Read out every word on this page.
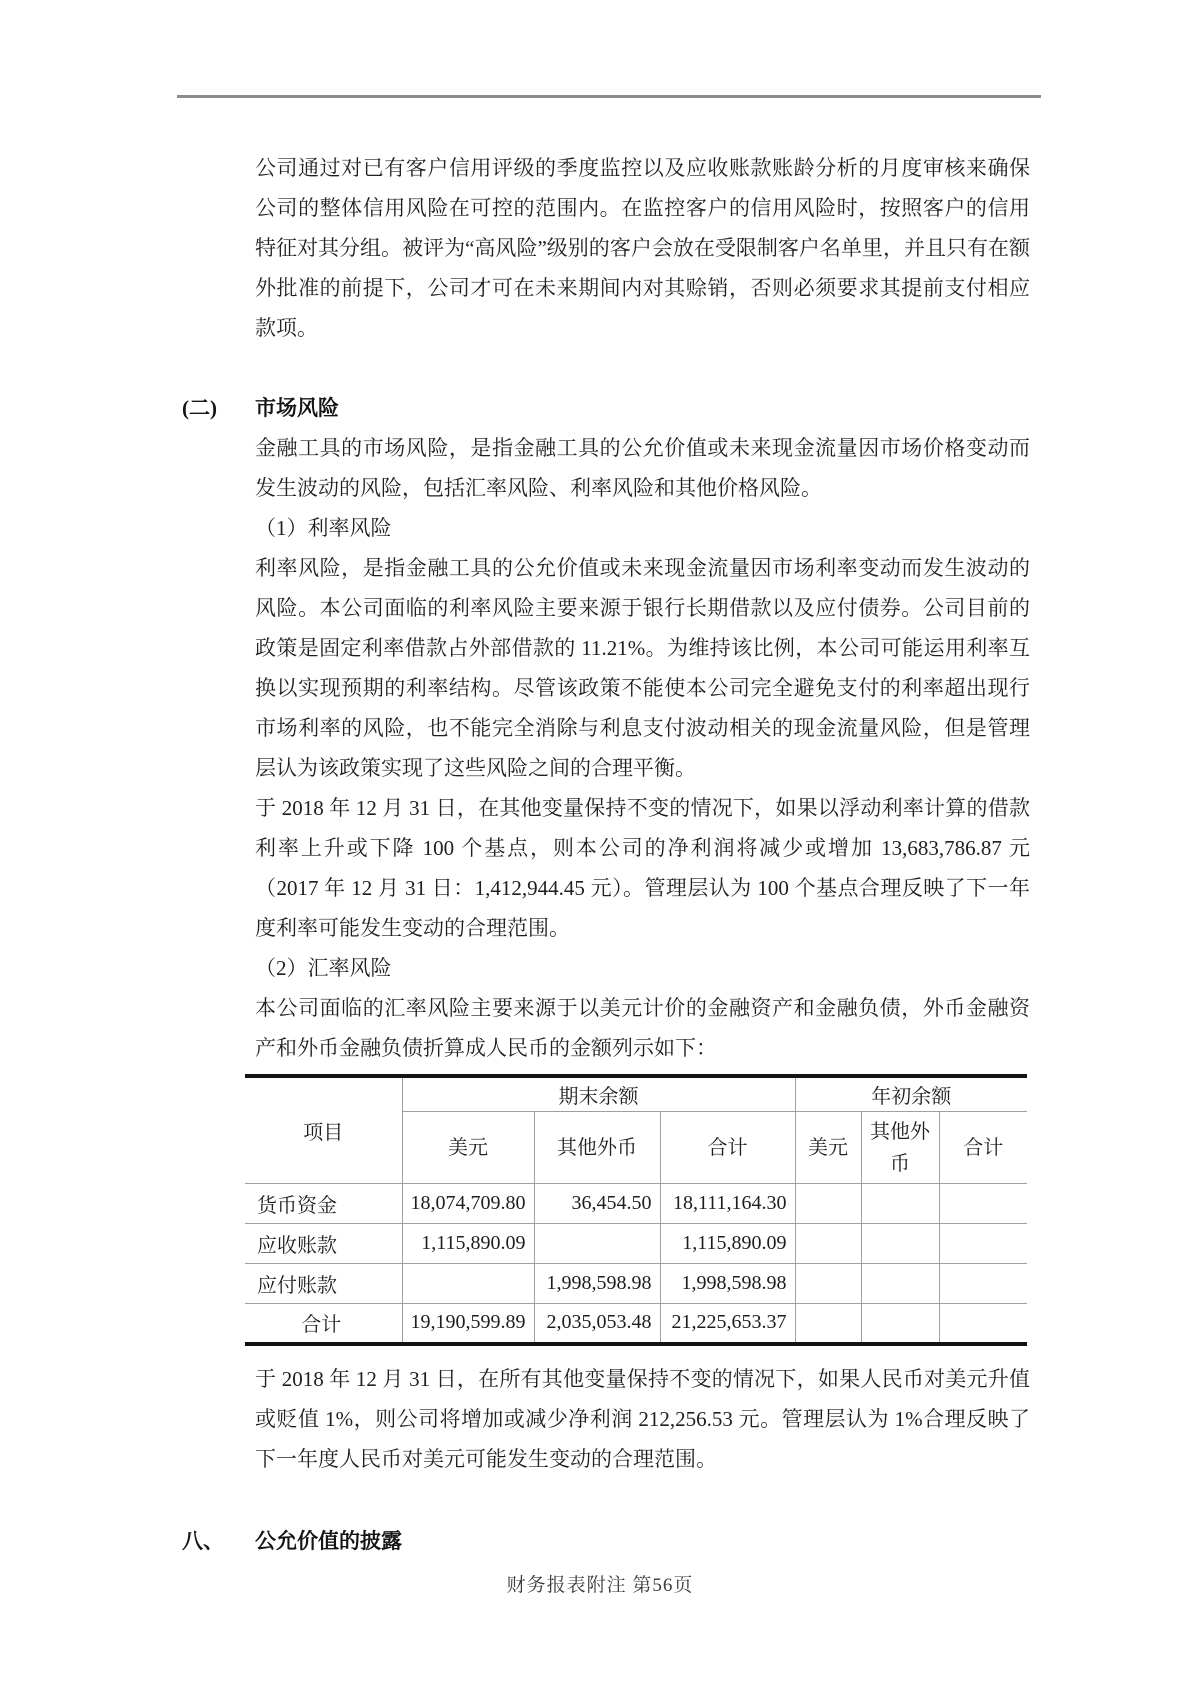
公司通过对已有客户信用评级的季度监控以及应收账款账龄分析的月度审核来确保公司的整体信用风险在可控的范围内。在监控客户的信用风险时，按照客户的信用特征对其分组。被评为“高风险”级别的客户会放在受限制客户名单里，并且只有在额外批准的前提下，公司才可在未来期间内对其赊销，否则必须要求其提前支付相应款项。

(二)	市场风险

金融工具的市场风险，是指金融工具的公允价值或未来现金流量因市场价格变动而发生波动的风险，包括汇率风险、利率风险和其他价格风险。

（1）利率风险

利率风险，是指金融工具的公允价值或未来现金流量因市场利率变动而发生波动的风险。本公司面临的利率风险主要来源于银行长期借款以及应付债券。公司目前的政策是固定利率借款占外部借款的 11.21%。为维持该比例，本公司可能运用利率互换以实现预期的利率结构。尽管该政策不能使本公司完全避免支付的利率超出现行市场利率的风险，也不能完全消除与利息支付波动相关的现金流量风险，但是管理层认为该政策实现了这些风险之间的合理平衡。

于 2018 年 12 月 31 日，在其他变量保持不变的情况下，如果以浮动利率计算的借款利率上升或下降 100 个基点，则本公司的净利润将减少或增加 13,683,786.87 元（2017 年 12 月 31 日：1,412,944.45 元）。管理层认为 100 个基点合理反映了下一年度利率可能发生变动的合理范围。

（2）汇率风险

本公司面临的汇率风险主要来源于以美元计价的金融资产和金融负债，外币金融资产和外币金融负债折算成人民币的金额列示如下：

项目	期末余额			年初余额		
	美元	其他外币	合计	美元	其他外币	合计
货币资金	18,074,709.80	36,454.50	18,111,164.30			
应收账款	1,115,890.09		1,115,890.09			
应付账款		1,998,598.98	1,998,598.98			
合计	19,190,599.89	2,035,053.48	21,225,653.37			

于 2018 年 12 月 31 日，在所有其他变量保持不变的情况下，如果人民币对美元升值或贬值 1%，则公司将增加或减少净利润 212,256.53 元。管理层认为 1%合理反映了下一年度人民币对美元可能发生变动的合理范围。

八、	公允价值的披露
财务报表附注 第56页
